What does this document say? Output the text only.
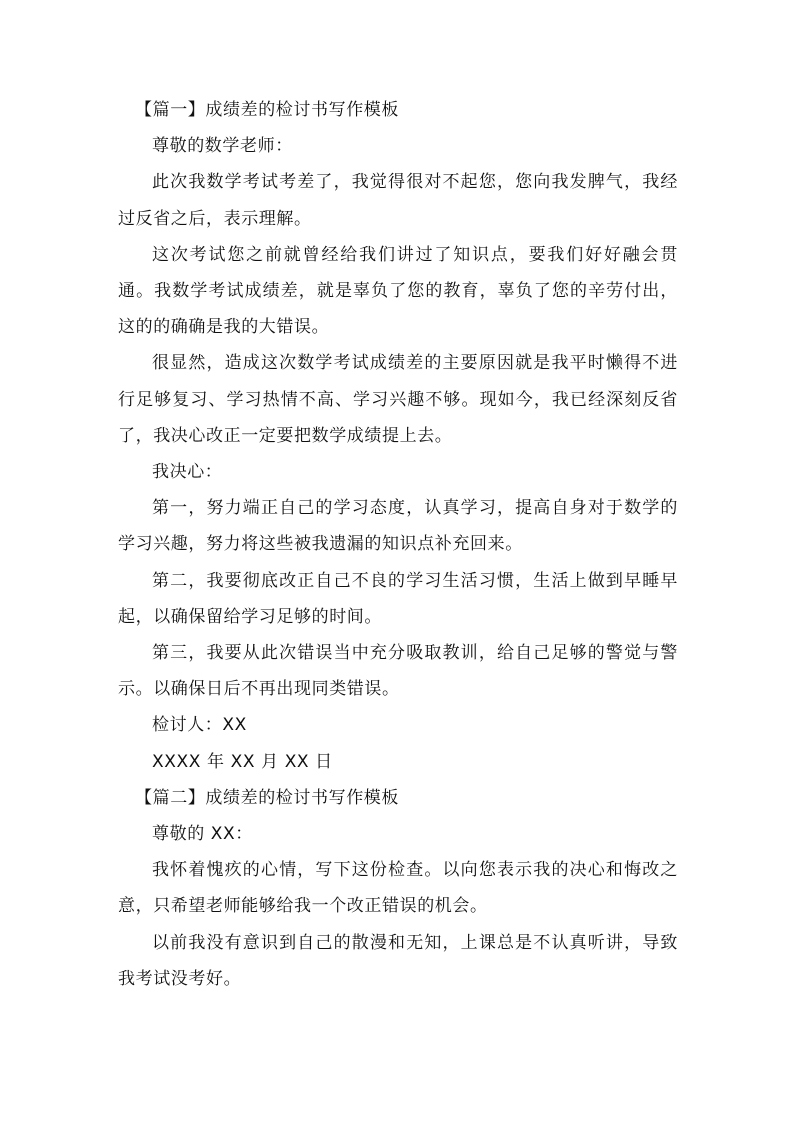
【篇一】成绩差的检讨书写作模板

尊敬的数学老师：

此次我数学考试考差了，我觉得很对不起您，您向我发脾气，我经过反省之后，表示理解。

这次考试您之前就曾经给我们讲过了知识点，要我们好好融会贯通。我数学考试成绩差，就是辜负了您的教育，辜负了您的辛劳付出，这的的确确是我的大错误。

很显然，造成这次数学考试成绩差的主要原因就是我平时懒得不进行足够复习、学习热情不高、学习兴趣不够。现如今，我已经深刻反省了，我决心改正一定要把数学成绩提上去。

我决心：

第一，努力端正自己的学习态度，认真学习，提高自身对于数学的学习兴趣，努力将这些被我遗漏的知识点补充回来。

第二，我要彻底改正自己不良的学习生活习惯，生活上做到早睡早起，以确保留给学习足够的时间。

第三，我要从此次错误当中充分吸取教训，给自己足够的警觉与警示。以确保日后不再出现同类错误。

检讨人：XX

XXXX 年 XX 月 XX 日

【篇二】成绩差的检讨书写作模板

尊敬的 XX：

我怀着愧疚的心情，写下这份检查。以向您表示我的决心和悔改之意，只希望老师能够给我一个改正错误的机会。

以前我没有意识到自己的散漫和无知，上课总是不认真听讲，导致我考试没考好。
